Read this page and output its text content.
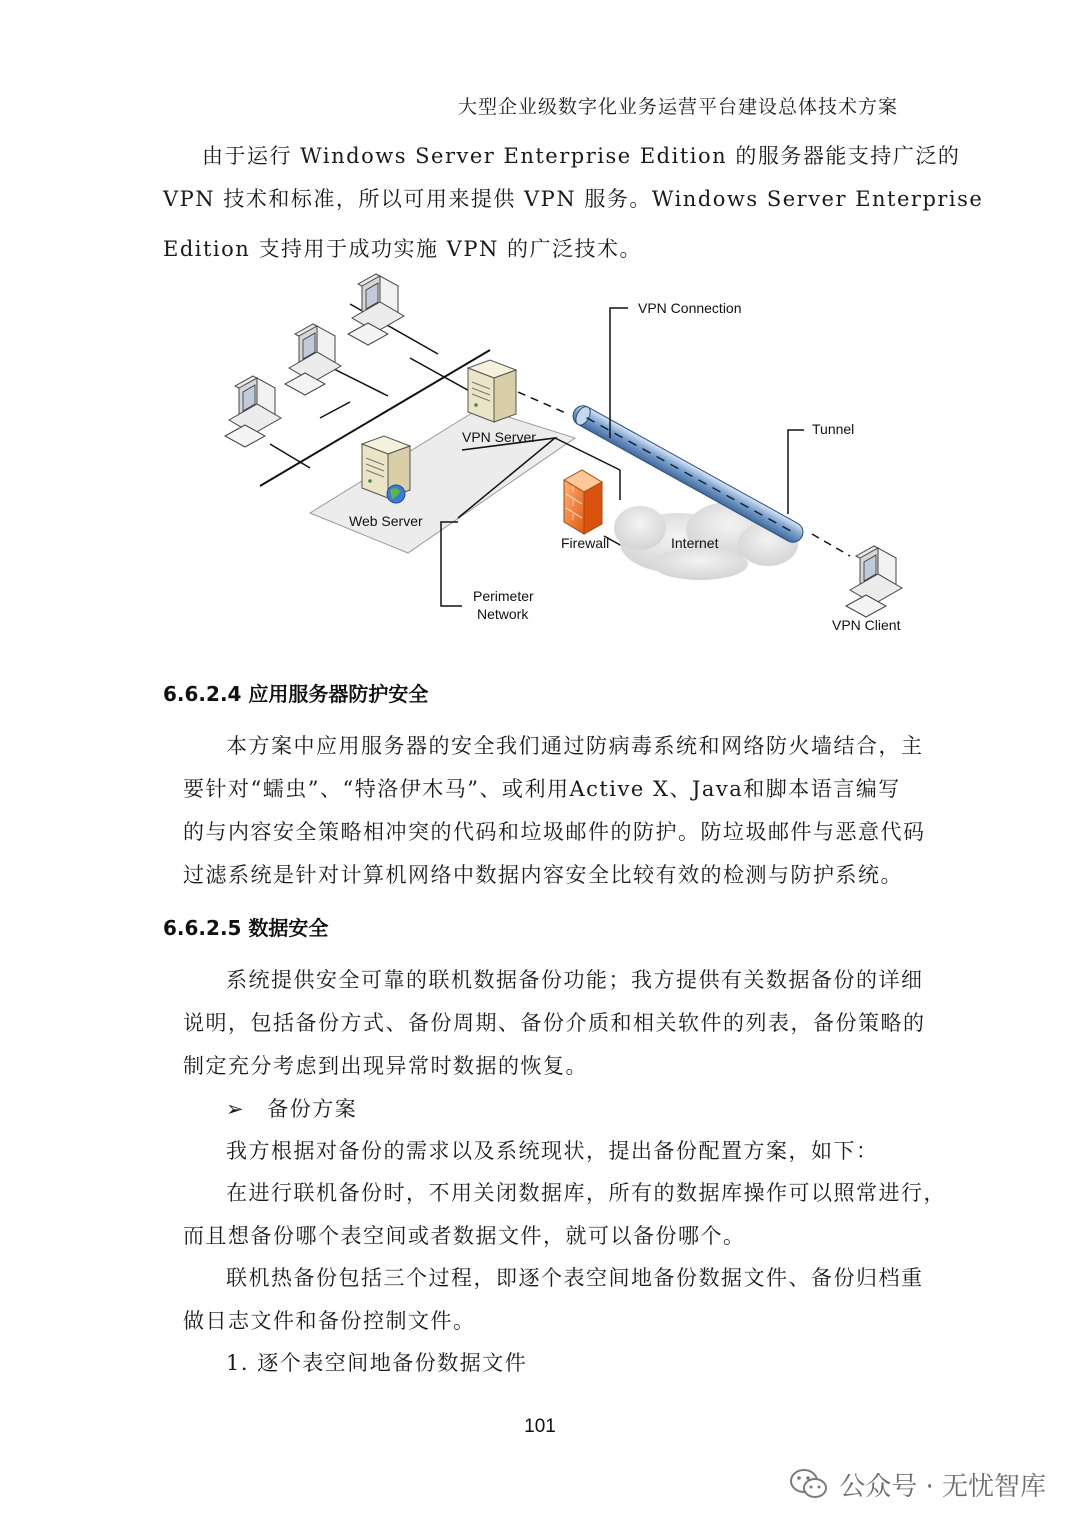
大型企业级数字化业务运营平台建设总体技术方案

由于运行 Windows Server Enterprise Edition 的服务器能支持广泛的

VPN 技术和标准，所以可用来提供 VPN 服务。Windows Server Enterprise

Edition 支持用于成功实施 VPN 的广泛技术。

VPN Connection
Tunnel
VPN Server
Web Server
Firewall	Internet
Perimeter
Network
VPN Client
6.6.2.4 应用服务器防护安全

本方案中应用服务器的安全我们通过防病毒系统和网络防火墙结合，主

要针对“蠕虫”、“特洛伊木马”、或利用Active X、Java和脚本语言编写

的与内容安全策略相冲突的代码和垃圾邮件的防护。防垃圾邮件与恶意代码

过滤系统是针对计算机网络中数据内容安全比较有效的检测与防护系统。

6.6.2.5 数据安全

系统提供安全可靠的联机数据备份功能；我方提供有关数据备份的详细

说明，包括备份方式、备份周期、备份介质和相关软件的列表，备份策略的

制定充分考虑到出现异常时数据的恢复。

➢ 备份方案

我方根据对备份的需求以及系统现状，提出备份配置方案，如下：

在进行联机备份时，不用关闭数据库，所有的数据库操作可以照常进行，

而且想备份哪个表空间或者数据文件，就可以备份哪个。

联机热备份包括三个过程，即逐个表空间地备份数据文件、备份归档重

做日志文件和备份控制文件。

1. 逐个表空间地备份数据文件

101
公众号 · 无忧智库
